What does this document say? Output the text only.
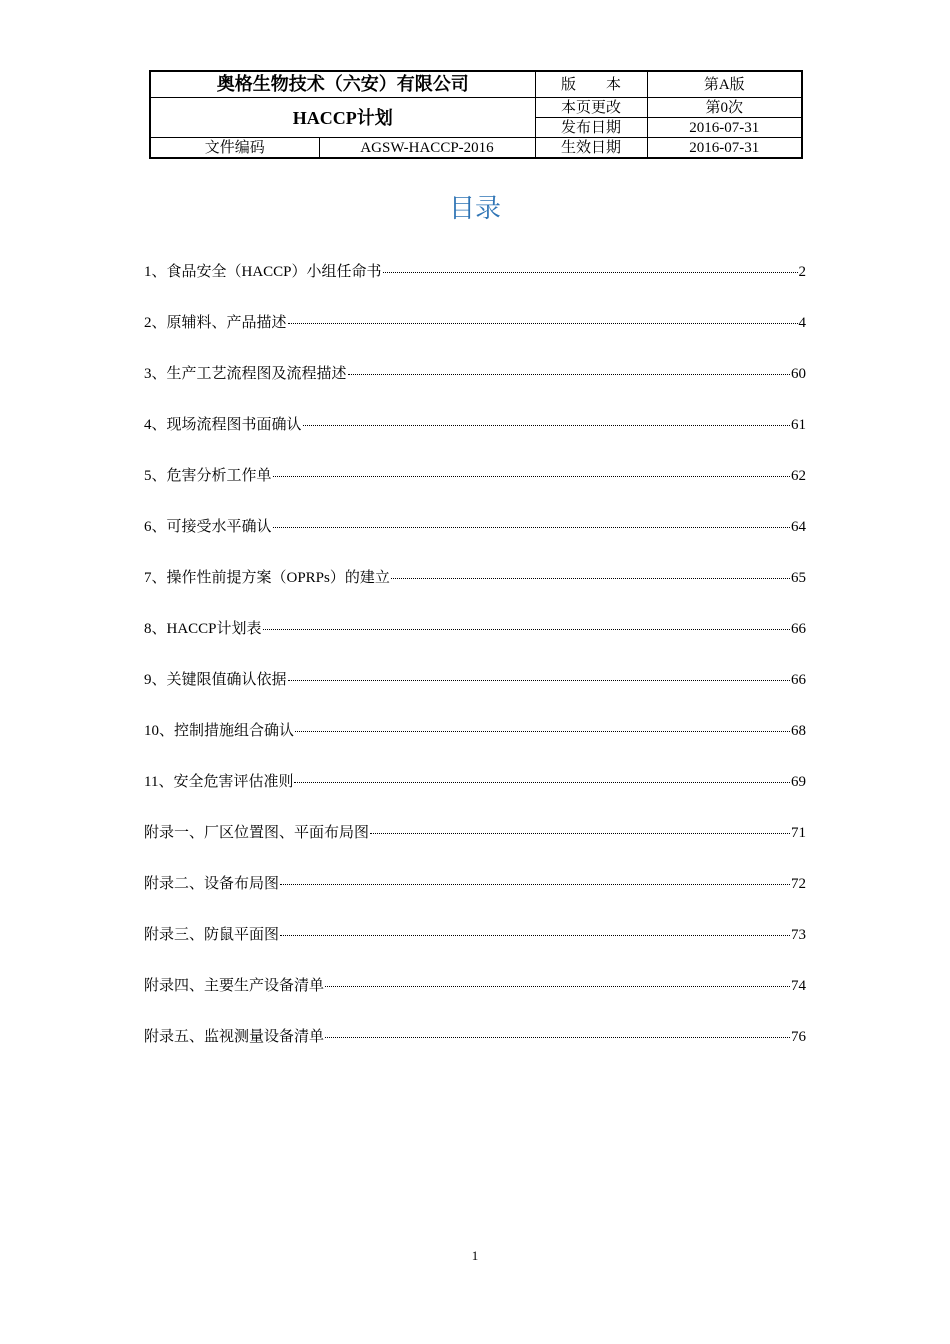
奥格生物技术（六安）有限公司		版　　本	第A版
HACCP计划		本页更改	第0次
		发布日期	2016-07-31
文件编码	AGSW-HACCP-2016	生效日期	2016-07-31
目录
1、食品安全（HACCP）小组任命书	2
2、原辅料、产品描述	4
3、生产工艺流程图及流程描述	60
4、现场流程图书面确认	61
5、危害分析工作单	62
6、可接受水平确认	64
7、操作性前提方案（OPRPs）的建立	65
8、HACCP计划表	66
9、关键限值确认依据	66
10、控制措施组合确认	68
11、安全危害评估准则	69
附录一、厂区位置图、平面布局图	71
附录二、设备布局图	72
附录三、防鼠平面图	73
附录四、主要生产设备清单	74
附录五、监视测量设备清单	76
1
